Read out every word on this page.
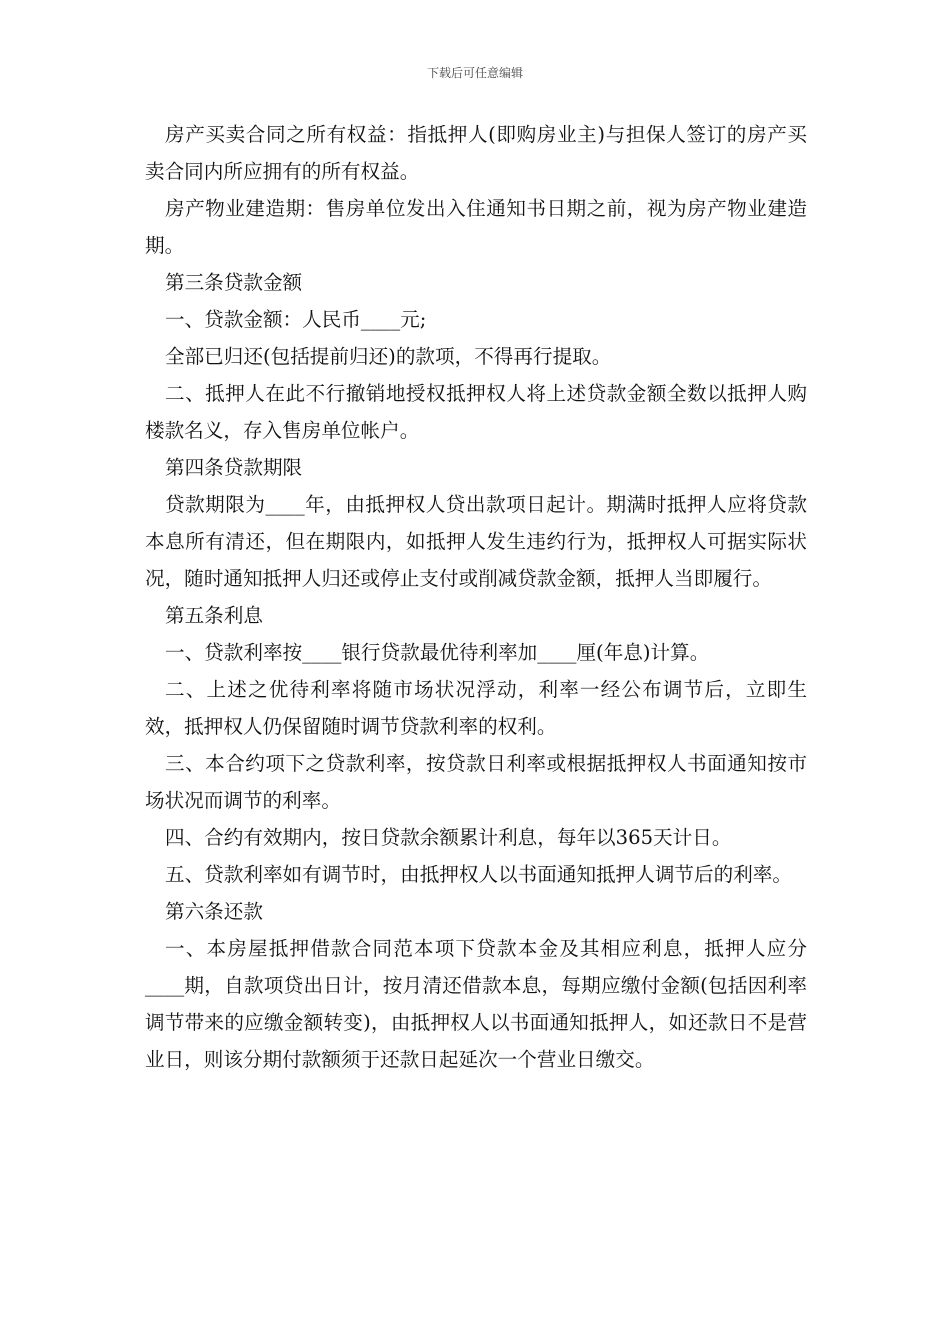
下载后可任意编辑

房产买卖合同之所有权益：指抵押人(即购房业主)与担保人签订的房产买卖合同内所应拥有的所有权益。

房产物业建造期：售房单位发出入住通知书日期之前，视为房产物业建造期。

第三条贷款金额

一、贷款金额：人民币____元;

全部已归还(包括提前归还)的款项，不得再行提取。

二、抵押人在此不行撤销地授权抵押权人将上述贷款金额全数以抵押人购楼款名义，存入售房单位帐户。

第四条贷款期限

贷款期限为____年，由抵押权人贷出款项日起计。期满时抵押人应将贷款本息所有清还，但在期限内，如抵押人发生违约行为，抵押权人可据实际状况，随时通知抵押人归还或停止支付或削减贷款金额，抵押人当即履行。

第五条利息

一、贷款利率按____银行贷款最优待利率加____厘(年息)计算。

二、上述之优待利率将随市场状况浮动，利率一经公布调节后，立即生效，抵押权人仍保留随时调节贷款利率的权利。

三、本合约项下之贷款利率，按贷款日利率或根据抵押权人书面通知按市场状况而调节的利率。

四、合约有效期内，按日贷款余额累计利息，每年以365天计日。

五、贷款利率如有调节时，由抵押权人以书面通知抵押人调节后的利率。

第六条还款

一、本房屋抵押借款合同范本项下贷款本金及其相应利息，抵押人应分____期，自款项贷出日计，按月清还借款本息，每期应缴付金额(包括因利率调节带来的应缴金额转变)，由抵押权人以书面通知抵押人，如还款日不是营业日，则该分期付款额须于还款日起延次一个营业日缴交。
